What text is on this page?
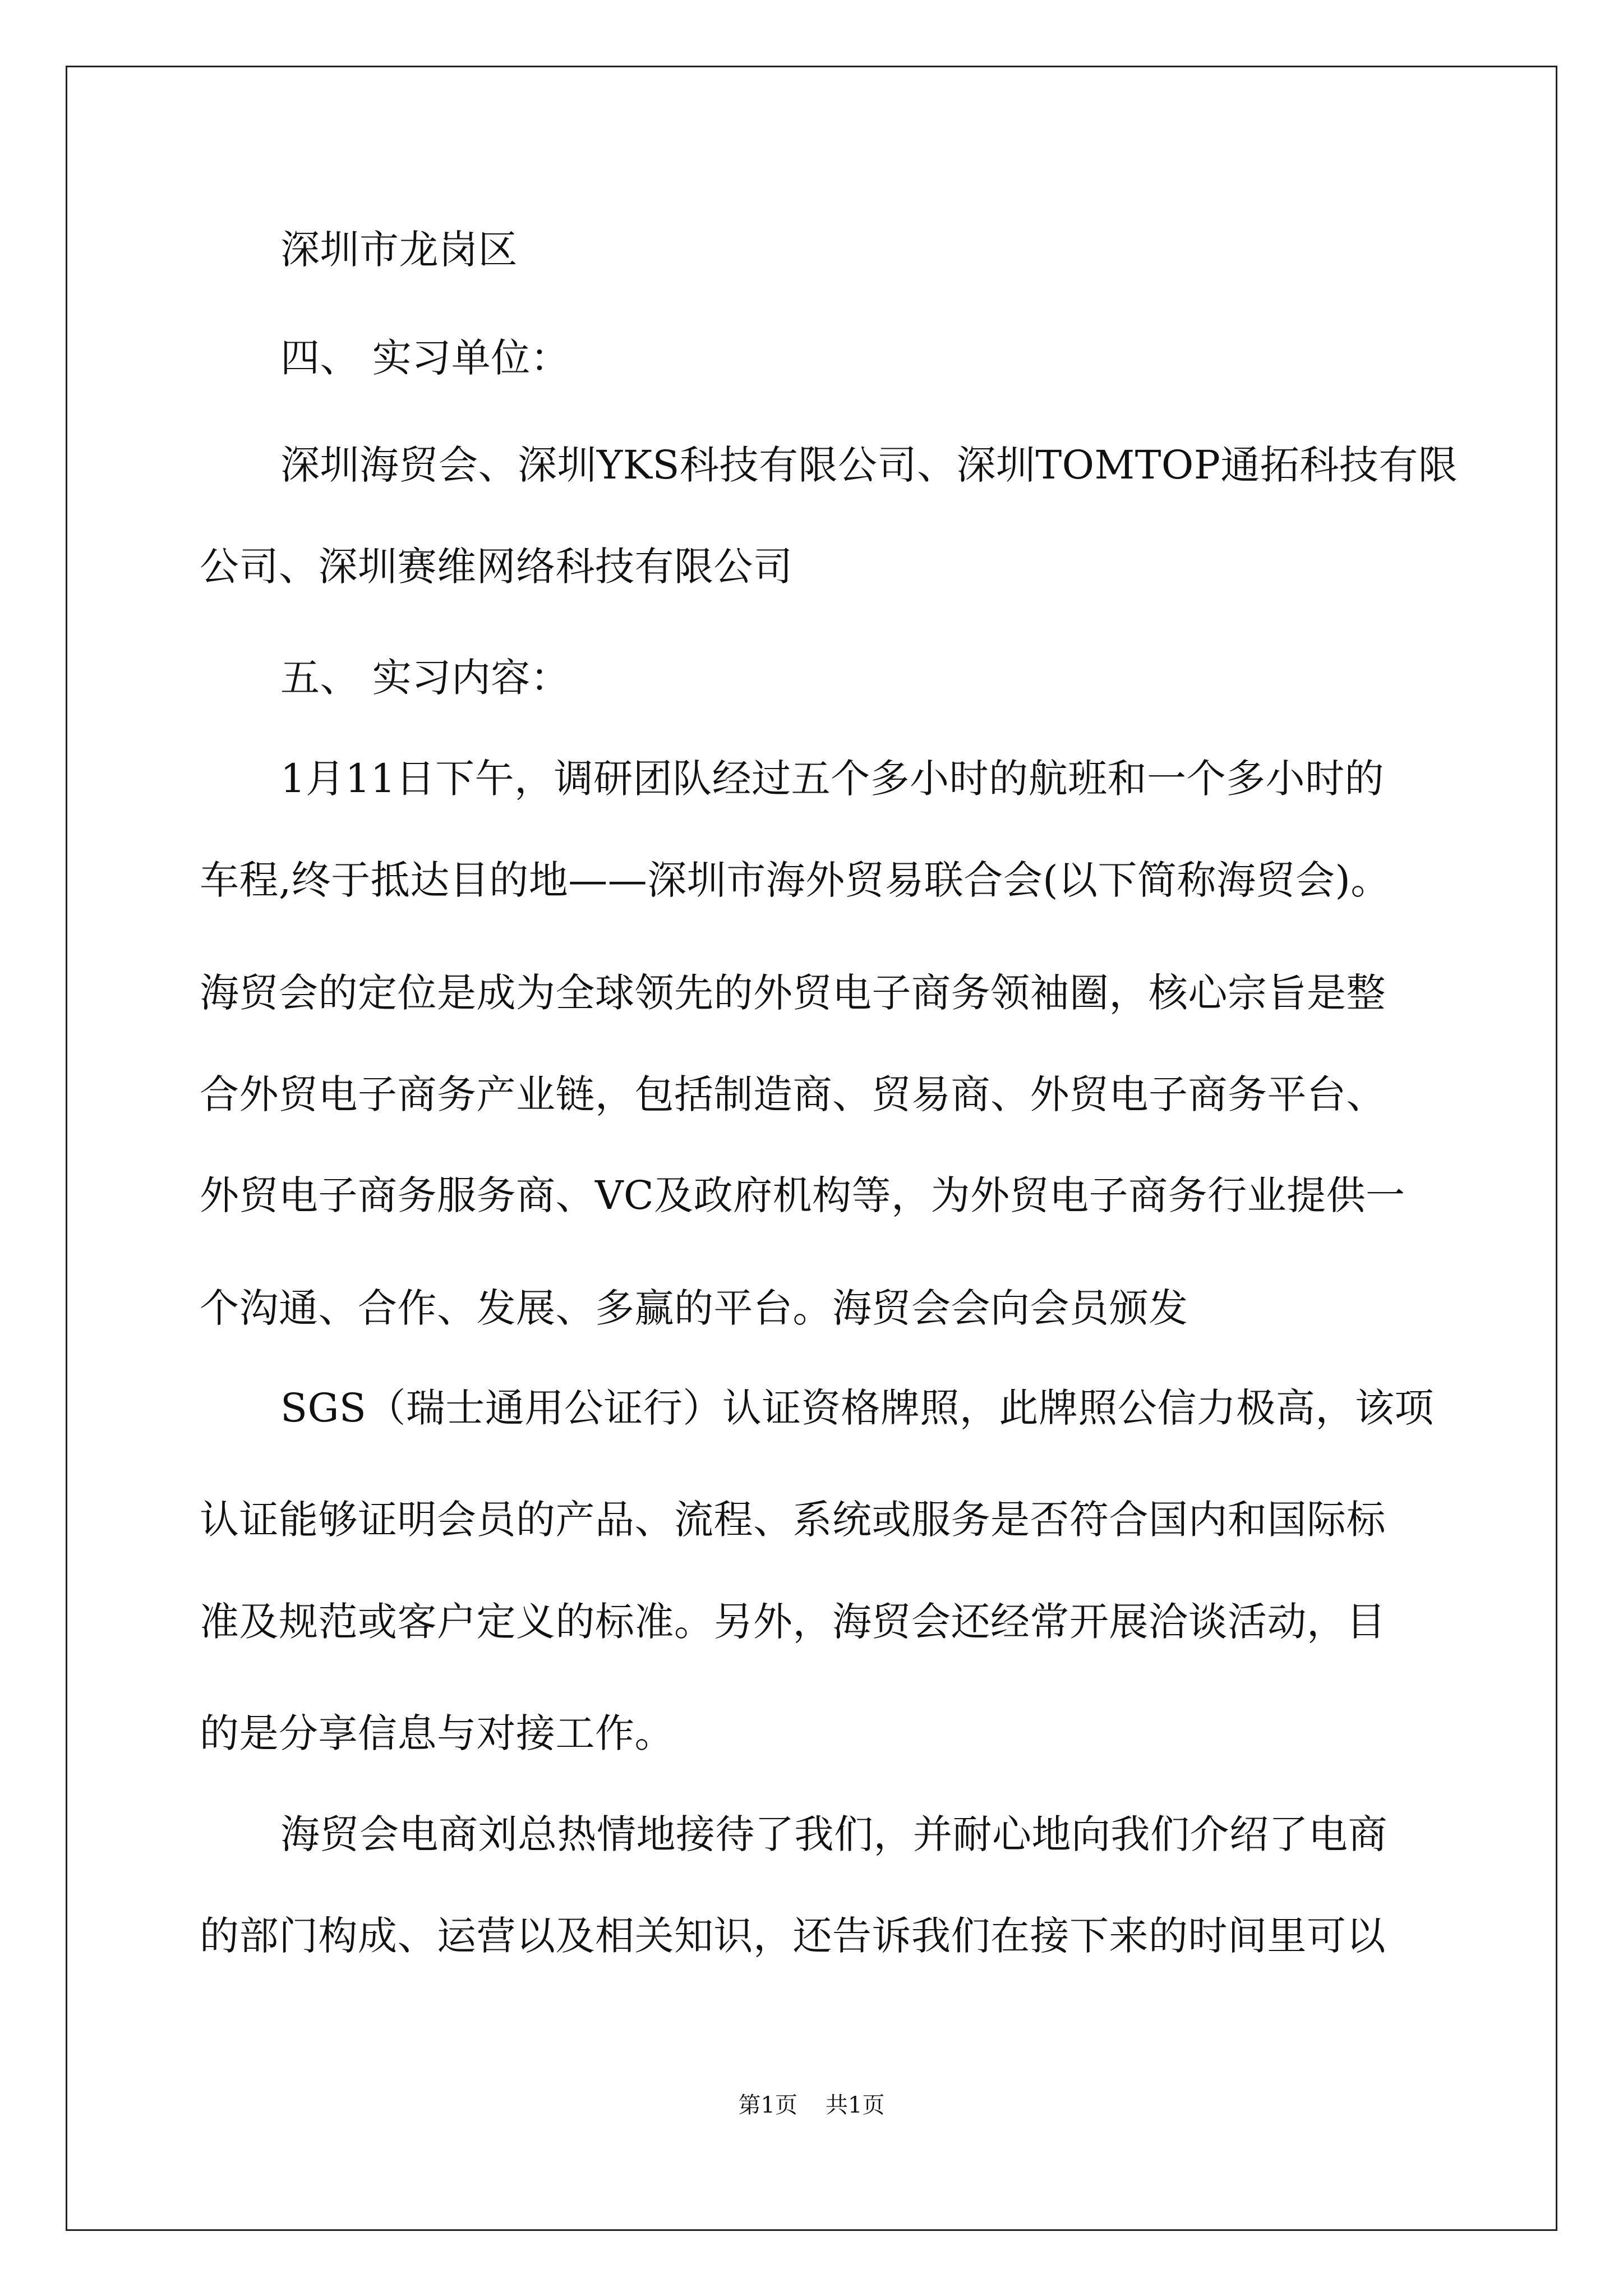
深圳市龙岗区
四、 实习单位：
深圳海贸会、深圳YKS科技有限公司、深圳TOMTOP通拓科技有限
公司、深圳赛维网络科技有限公司
五、 实习内容：
1月11日下午，调研团队经过五个多小时的航班和一个多小时的
车程,终于抵达目的地——深圳市海外贸易联合会(以下简称海贸会)。
海贸会的定位是成为全球领先的外贸电子商务领袖圈，核心宗旨是整
合外贸电子商务产业链，包括制造商、贸易商、外贸电子商务平台、
外贸电子商务服务商、VC及政府机构等，为外贸电子商务行业提供一
个沟通、合作、发展、多赢的平台。海贸会会向会员颁发
SGS（瑞士通用公证行）认证资格牌照，此牌照公信力极高，该项
认证能够证明会员的产品、流程、系统或服务是否符合国内和国际标
准及规范或客户定义的标准。另外，海贸会还经常开展洽谈活动，目
的是分享信息与对接工作。
海贸会电商刘总热情地接待了我们，并耐心地向我们介绍了电商
的部门构成、运营以及相关知识，还告诉我们在接下来的时间里可以
第1页 共1页
